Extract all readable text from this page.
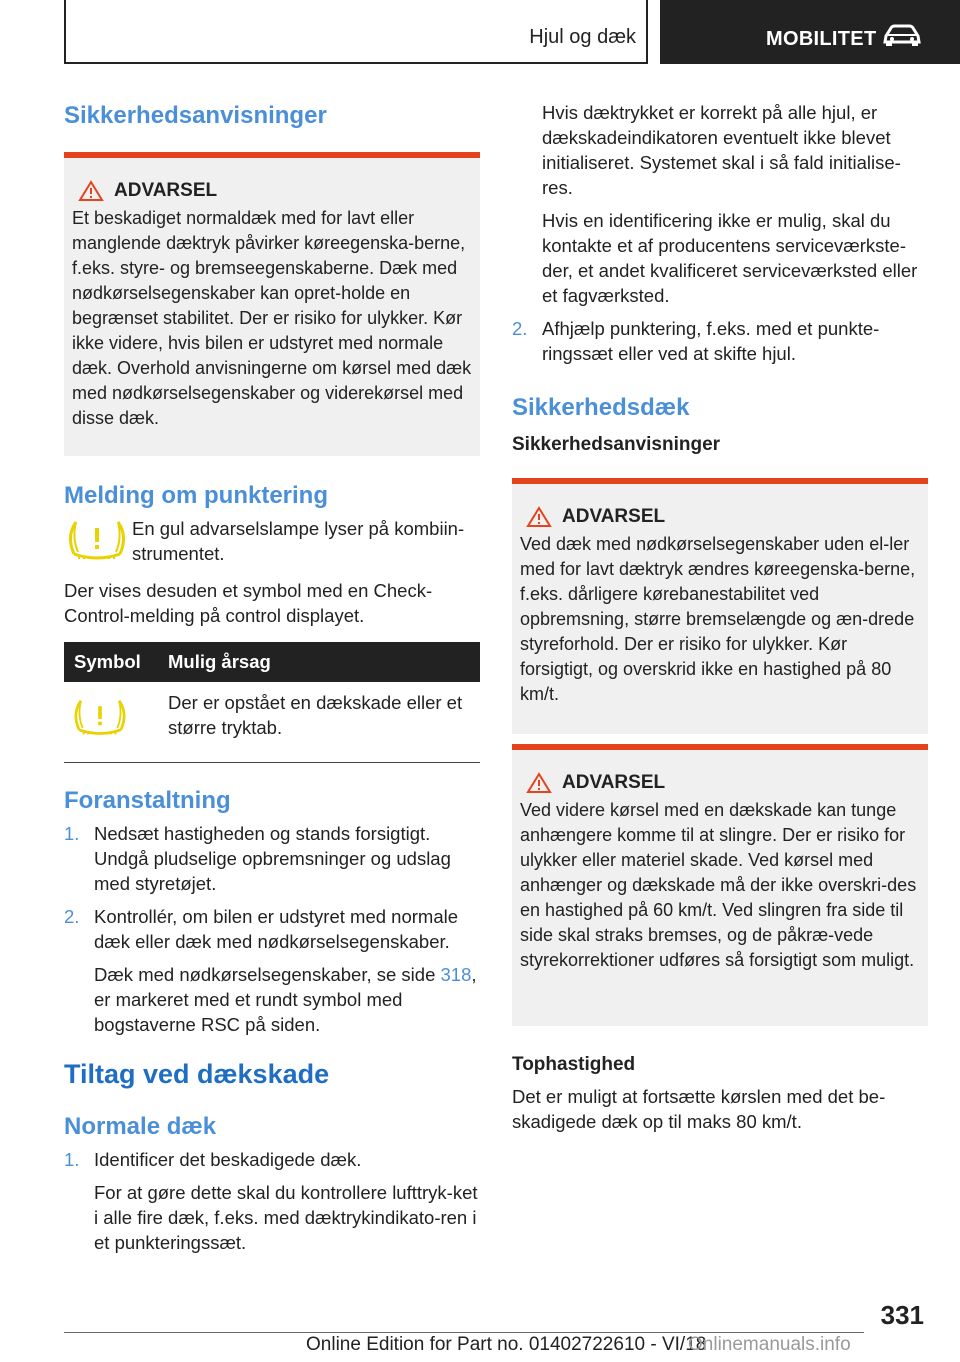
Hjul og dæk	MOBILITET
Sikkerhedsanvisninger
ADVARSEL

Et beskadiget normaldæk med for lavt eller manglende dæktryk påvirker køreegenska-berne, f.eks. styre- og bremseegenskaberne. Dæk med nødkørselsegenskaber kan opret-holde en begrænset stabilitet. Der er risiko for ulykker. Kør ikke videre, hvis bilen er udstyret med normale dæk. Overhold anvisningerne om kørsel med dæk med nødkørselsegenskaber og viderekørsel med disse dæk.

Melding om punktering

En gul advarselslampe lyser på kombiin-strumentet.

Der vises desuden et symbol med en Check-Control-melding på control displayet.

Symbol	Mulig årsag
	Der er opstået en dækskade eller et større tryktab.
Foranstaltning
1. Nedsæt hastigheden og stands forsigtigt. Undgå pludselige opbremsninger og udslag med styretøjet.
2. Kontrollér, om bilen er udstyret med normale dæk eller dæk med nødkørselsegenskaber.
Dæk med nødkørselsegenskaber, se side 318, er markeret med et rundt symbol med bogstaverne RSC på siden.
Tiltag ved dækskade
Normale dæk
1. Identificer det beskadigede dæk.
For at gøre dette skal du kontrollere lufttryk-ket i alle fire dæk, f.eks. med dæktrykindikato-ren i et punkteringssæt.

Hvis dæktrykket er korrekt på alle hjul, er dækskadeindikatoren eventuelt ikke blevet initialiseret. Systemet skal i så fald initialise-res.

Hvis en identificering ikke er mulig, skal du kontakte et af producentens serviceværkste-der, et andet kvalificeret serviceværksted eller et fagværksted.

2. Afhjælp punktering, f.eks. med et punkte-ringssæt eller ved at skifte hjul.
Sikkerhedsdæk
Sikkerhedsanvisninger
ADVARSEL

Ved dæk med nødkørselsegenskaber uden el-ler med for lavt dæktryk ændres køreegenska-berne, f.eks. dårligere kørebanestabilitet ved opbremsning, større bremselængde og æn-drede styreforhold. Der er risiko for ulykker. Kør forsigtigt, og overskrid ikke en hastighed på 80 km/t.

ADVARSEL

Ved videre kørsel med en dækskade kan tunge anhængere komme til at slingre. Der er risiko for ulykker eller materiel skade. Ved kørsel med anhænger og dækskade må der ikke overskri-des en hastighed på 60 km/t. Ved slingren fra side til side skal straks bremses, og de påkræ-vede styrekorrektioner udføres så forsigtigt som muligt.

Tophastighed

Det er muligt at fortsætte kørslen med det be-skadigede dæk op til maks 80 km/t.

331
Online Edition for Part no. 01402722610 - VI/18
Onlinemanuals.info
